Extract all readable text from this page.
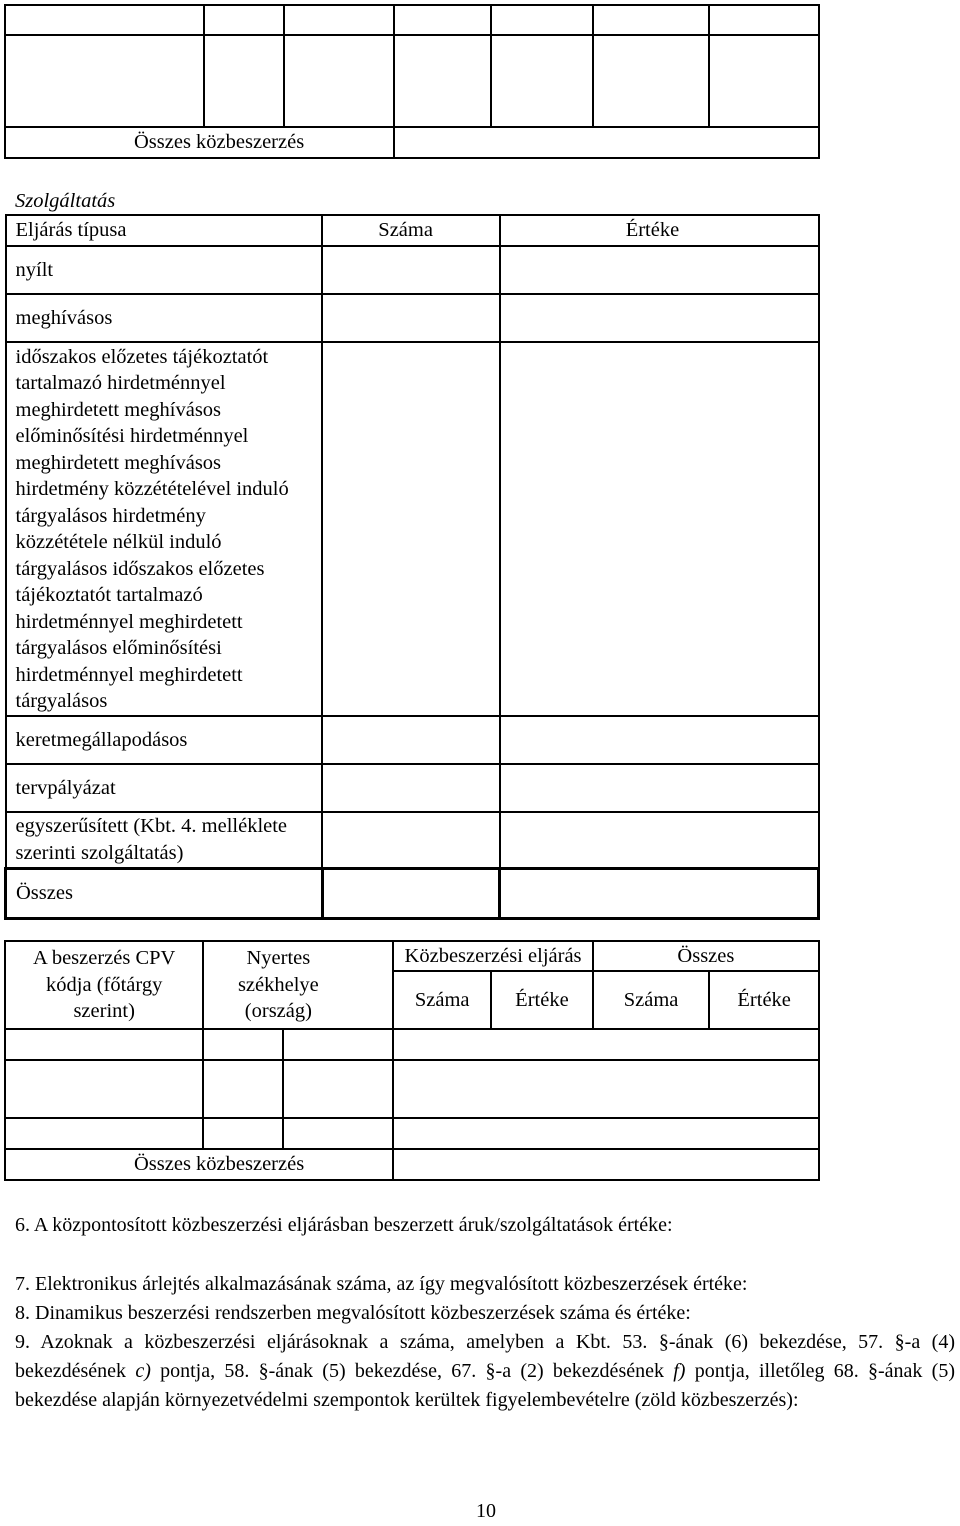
Összes közbeszerzés						
Szolgáltatás
Eljárás típusa	Száma	Értéke
nyílt		
meghívásos		
időszakos előzetes tájékoztatót tartalmazó hirdetménnyel meghirdetett meghívásos előminősítési hirdetménnyel meghirdetett meghívásos hirdetmény közzétételével induló tárgyalásos hirdetmény közzététele nélkül induló tárgyalásos időszakos előzetes tájékoztatót tartalmazó hirdetménnyel meghirdetett tárgyalásos előminősítési hirdetménnyel meghirdetett tárgyalásos		
keretmegállapodásos		
tervpályázat		
egyszerűsített (Kbt. 4. melléklete szerinti szolgáltatás)		
Összes		
A beszerzés CPV kódja (főtárgy szerint)	Nyertes székhelye (ország)		Közbeszerzési eljárás		Összes	
			Száma	Értéke	Száma	Értéke

Összes közbeszerzés						
6. A központosított közbeszerzési eljárásban beszerzett áruk/szolgáltatások értéke:
7. Elektronikus árlejtés alkalmazásának száma, az így megvalósított közbeszerzések értéke:
8. Dinamikus beszerzési rendszerben megvalósított közbeszerzések száma és értéke:
9. Azoknak a közbeszerzési eljárásoknak a száma, amelyben a Kbt. 53. §-ának (6) bekezdése, 57. §-a (4) bekezdésének c) pontja, 58. §-ának (5) bekezdése, 67. §-a (2) bekezdésének f) pontja, illetőleg 68. §-ának (5) bekezdése alapján környezetvédelmi szempontok kerültek figyelembevételre (zöld közbeszerzés):
10
